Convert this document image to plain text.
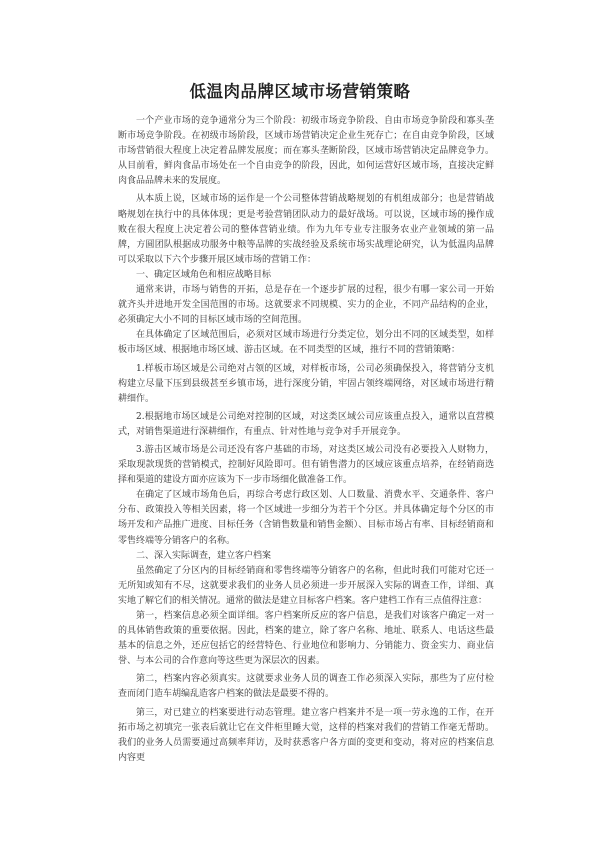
低温肉品牌区域市场营销策略

一个产业市场的竞争通常分为三个阶段：初级市场竞争阶段、自由市场竞争阶段和寡头垄断市场竞争阶段。在初级市场阶段，区域市场营销决定企业生死存亡；在自由竞争阶段，区域市场营销很大程度上决定着品牌发展度；而在寡头垄断阶段，区域市场营销决定品牌竞争力。从目前看，鲜肉食品市场处在一个自由竞争的阶段，因此，如何运营好区域市场，直接决定鲜肉食品品牌未来的发展度。

从本质上说，区域市场的运作是一个公司整体营销战略规划的有机组成部分；也是营销战略规划在执行中的具体体现；更是考验营销团队动力的最好战场。可以说，区域市场的操作成败在很大程度上决定着公司的整体营销业绩。作为九年专业专注服务农业产业领域的第一品牌，方圆团队根据成功服务中粮等品牌的实战经验及系统市场实战理论研究，认为低温肉品牌可以采取以下六个步骤开展区域市场的营销工作：

一、确定区域角色和相应战略目标

通常来讲，市场与销售的开拓，总是存在一个逐步扩展的过程，很少有哪一家公司一开始就齐头并进地开发全国范围的市场。这就要求不同规模、实力的企业，不同产品结构的企业，必须确定大小不同的目标区域市场的空间范围。

在具体确定了区域范围后，必须对区域市场进行分类定位，划分出不同的区域类型，如样板市场区域、根据地市场区域、游击区域。在不同类型的区域，推行不同的营销策略：

1.样板市场区域是公司绝对占领的区域，对样板市场，公司必须确保投入，将营销分支机构建立尽量下压到县级甚至乡镇市场，进行深度分销，牢固占领终端网络，对区域市场进行精耕细作。

2.根据地市场区域是公司绝对控制的区域，对这类区域公司应该重点投入，通常以直营模式，对销售渠道进行深耕细作，有重点、针对性地与竞争对手开展竞争。

3.游击区域市场是公司还没有客户基础的市场，对这类区域公司没有必要投入人财物力，采取现款现货的营销模式，控制好风险即可。但有销售潜力的区域应该重点培养，在经销商选择和渠道的建设方面亦应该为下一步市场细化做准备工作。

在确定了区域市场角色后，再综合考虑行政区划、人口数量、消费水平、交通条件、客户分布、政策投入等相关因素，将一个区域进一步细分为若干个分区。并具体确定每个分区的市场开发和产品推广进度、目标任务（含销售数量和销售金额）、目标市场占有率、目标经销商和零售终端等分销客户的名称。

二、深入实际调查，建立客户档案

虽然确定了分区内的目标经销商和零售终端等分销客户的名称，但此时我们可能对它还一无所知或知有不尽，这就要求我们的业务人员必须进一步开展深入实际的调查工作，详细、真实地了解它们的相关情况。通常的做法是建立目标客户档案。客户建档工作有三点值得注意：

第一，档案信息必须全面详细。客户档案所反应的客户信息，是我们对该客户确定一对一的具体销售政策的重要依据。因此，档案的建立，除了客户名称、地址、联系人、电话这些最基本的信息之外，还应包括它的经营特色、行业地位和影响力、分销能力、资金实力、商业信誉、与本公司的合作意向等这些更为深层次的因素。

第二，档案内容必须真实。这就要求业务人员的调查工作必须深入实际，那些为了应付检查而闭门造车胡编乱造客户档案的做法是最要不得的。

第三，对已建立的档案要进行动态管理。建立客户档案并不是一项一劳永逸的工作，在开拓市场之初填完一张表后就让它在文件柜里睡大觉，这样的档案对我们的营销工作毫无帮助。我们的业务人员需要通过高频率拜访，及时获悉客户各方面的变更和变动，将对应的档案信息内容更
